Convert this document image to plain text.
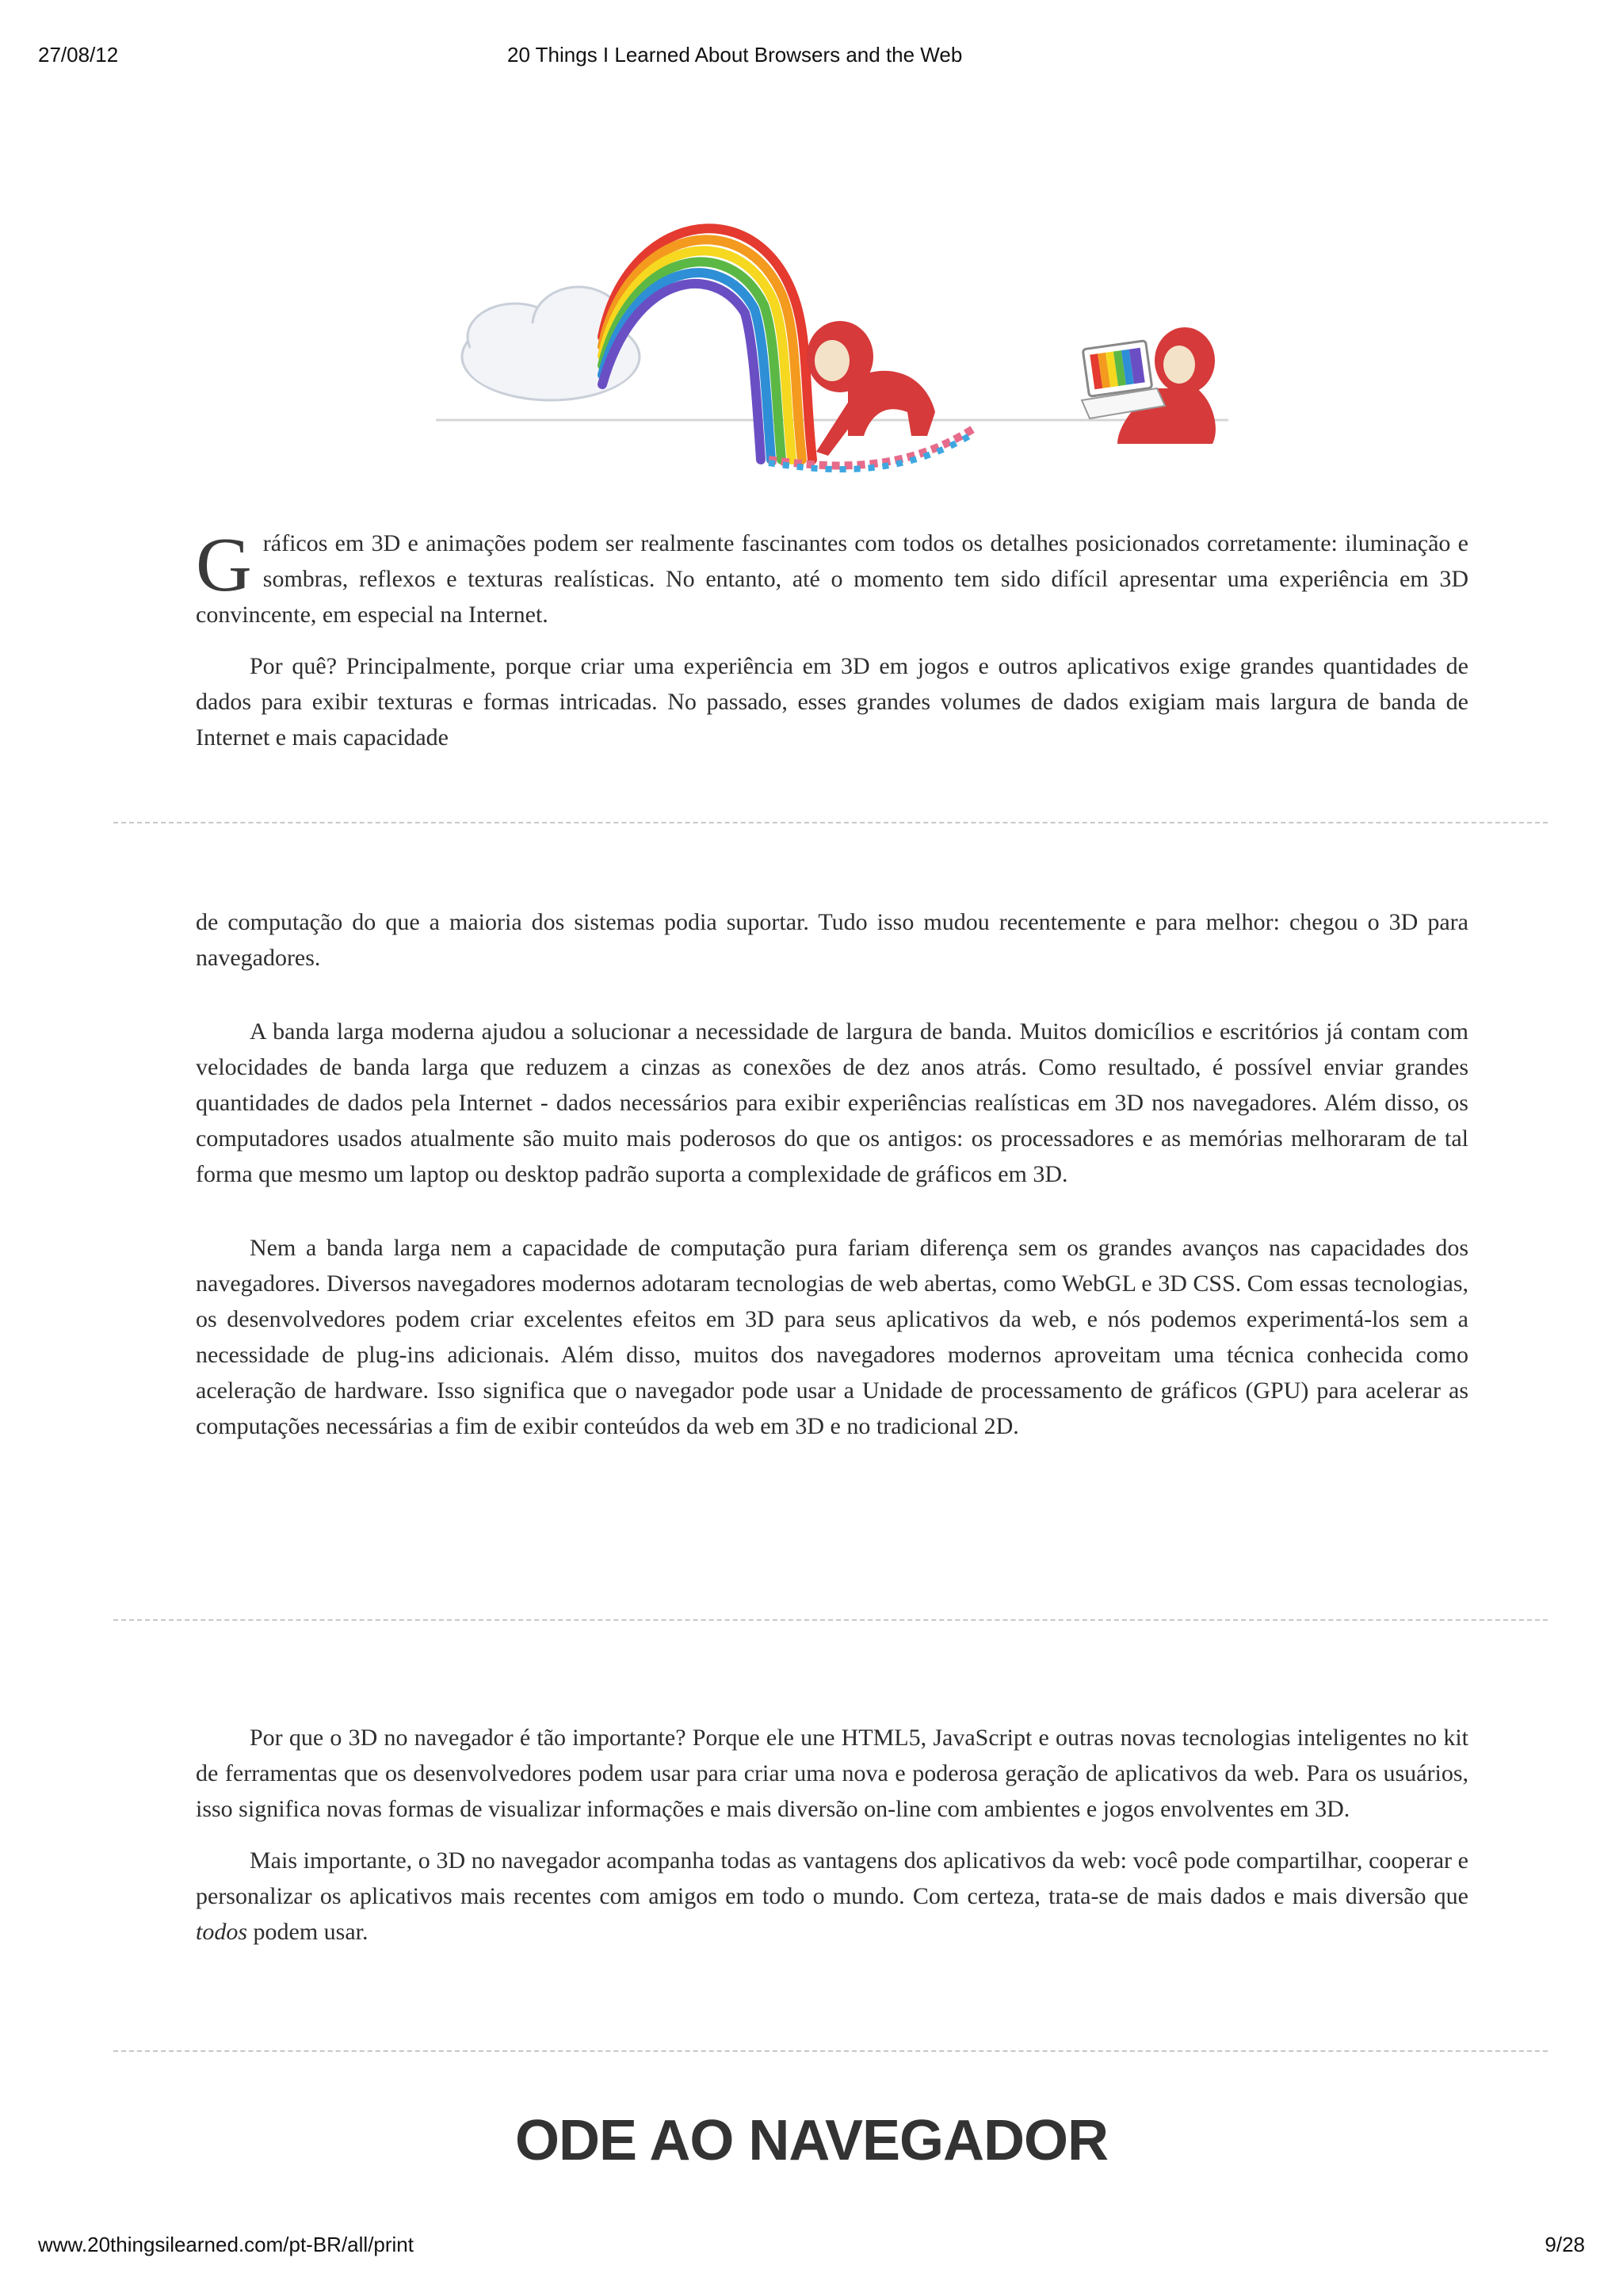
27/08/12	20 Things I Learned About Browsers and the Web

Gráficos em 3D e animações podem ser realmente fascinantes com todos os detalhes posicionados corretamente: iluminação e sombras, reflexos e texturas realísticas. No entanto, até o momento tem sido difícil apresentar uma experiência em 3D convincente, em especial na Internet.

Por quê? Principalmente, porque criar uma experiência em 3D em jogos e outros aplicativos exige grandes quantidades de dados para exibir texturas e formas intricadas. No passado, esses grandes volumes de dados exigiam mais largura de banda de Internet e mais capacidade

de computação do que a maioria dos sistemas podia suportar. Tudo isso mudou recentemente e para melhor: chegou o 3D para navegadores.

A banda larga moderna ajudou a solucionar a necessidade de largura de banda. Muitos domicílios e escritórios já contam com velocidades de banda larga que reduzem a cinzas as conexões de dez anos atrás. Como resultado, é possível enviar grandes quantidades de dados pela Internet - dados necessários para exibir experiências realísticas em 3D nos navegadores. Além disso, os computadores usados atualmente são muito mais poderosos do que os antigos: os processadores e as memórias melhoraram de tal forma que mesmo um laptop ou desktop padrão suporta a complexidade de gráficos em 3D.

Nem a banda larga nem a capacidade de computação pura fariam diferença sem os grandes avanços nas capacidades dos navegadores. Diversos navegadores modernos adotaram tecnologias de web abertas, como WebGL e 3D CSS. Com essas tecnologias, os desenvolvedores podem criar excelentes efeitos em 3D para seus aplicativos da web, e nós podemos experimentá-los sem a necessidade de plug-ins adicionais. Além disso, muitos dos navegadores modernos aproveitam uma técnica conhecida como aceleração de hardware. Isso significa que o navegador pode usar a Unidade de processamento de gráficos (GPU) para acelerar as computações necessárias a fim de exibir conteúdos da web em 3D e no tradicional 2D.

Por que o 3D no navegador é tão importante? Porque ele une HTML5, JavaScript e outras novas tecnologias inteligentes no kit de ferramentas que os desenvolvedores podem usar para criar uma nova e poderosa geração de aplicativos da web. Para os usuários, isso significa novas formas de visualizar informações e mais diversão on-line com ambientes e jogos envolventes em 3D.

Mais importante, o 3D no navegador acompanha todas as vantagens dos aplicativos da web: você pode compartilhar, cooperar e personalizar os aplicativos mais recentes com amigos em todo o mundo. Com certeza, trata-se de mais dados e mais diversão que todos podem usar.

ODE AO NAVEGADOR
www.20thingsilearned.com/pt-BR/all/print	9/28
